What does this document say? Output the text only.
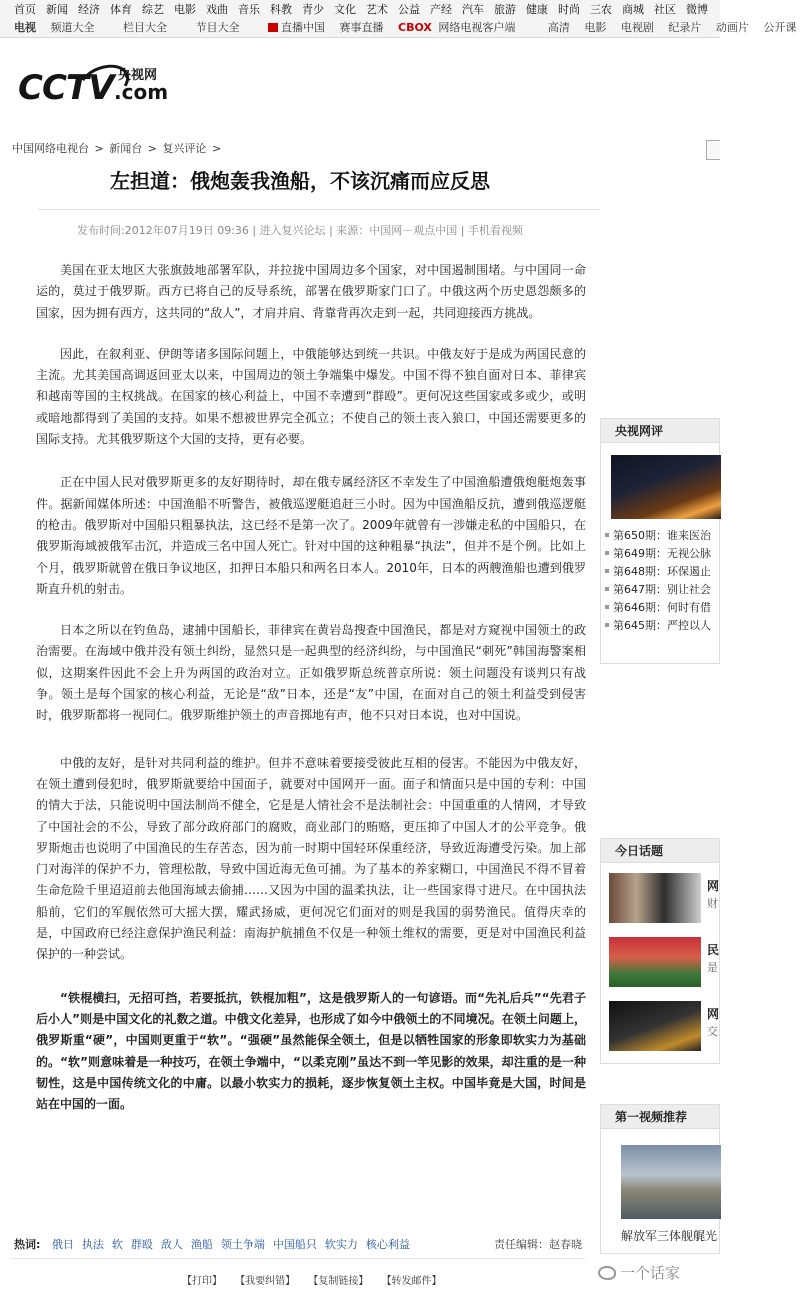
首页 新闻 经济 体育 综艺 电影 戏曲 音乐 科教 青少 文化 艺术 公益 产经 汽车 旅游 健康 时尚 三农 商城 社区 微博
电视 频道大全	栏目大全	节目大全	直播中国 赛事直播 CBOX 网络电视客户端	高清 电影 电视剧 纪录片 动画片 公开课
CCTV 央视网
.com
中国网络电视台 > 新闻台 > 复兴评论 >
左担道：俄炮轰我渔船，不该沉痛而应反思
发布时间:2012年07月19日 09:36 | 进入复兴论坛 | 来源：中国网－观点中国 | 手机看视频

美国在亚太地区大张旗鼓地部署军队，并拉拢中国周边多个国家，对中国遏制围堵。与中国同一命运的，莫过于俄罗斯。西方已将自己的反导系统，部署在俄罗斯家门口了。中俄这两个历史恩怨颇多的国家，因为拥有西方，这共同的“敌人”，才肩并肩、背靠背再次走到一起，共同迎接西方挑战。

因此，在叙利亚、伊朗等诸多国际问题上，中俄能够达到统一共识。中俄友好于是成为两国民意的主流。尤其美国高调返回亚太以来，中国周边的领土争端集中爆发。中国不得不独自面对日本、菲律宾和越南等国的主权挑战。在国家的核心利益上，中国不幸遭到“群殴”。更何况这些国家或多或少，或明或暗地都得到了美国的支持。如果不想被世界完全孤立；不使自己的领土丧入狼口，中国还需要更多的国际支持。尤其俄罗斯这个大国的支持，更有必要。

正在中国人民对俄罗斯更多的友好期待时，却在俄专属经济区不幸发生了中国渔船遭俄炮艇炮轰事件。据新闻媒体所述：中国渔船不听警告，被俄巡逻艇追赶三小时。因为中国渔船反抗，遭到俄巡逻艇的枪击。俄罗斯对中国船只粗暴执法，这已经不是第一次了。2009年就曾有一涉嫌走私的中国船只，在俄罗斯海域被俄军击沉，并造成三名中国人死亡。针对中国的这种粗暴“执法”，但并不是个例。比如上个月，俄罗斯就曾在俄日争议地区，扣押日本船只和两名日本人。2010年，日本的两艘渔船也遭到俄罗斯直升机的射击。

日本之所以在钓鱼岛，逮捕中国船长，菲律宾在黄岩岛搜查中国渔民，都是对方窥视中国领土的政治需要。在海域中俄并没有领土纠纷，显然只是一起典型的经济纠纷，与中国渔民“刺死”韩国海警案相似，这期案件因此不会上升为两国的政治对立。正如俄罗斯总统普京所说：领土问题没有谈判只有战争。领土是每个国家的核心利益，无论是“敌”日本，还是“友”中国，在面对自己的领土利益受到侵害时，俄罗斯都将一视同仁。俄罗斯维护领土的声音掷地有声，他不只对日本说，也对中国说。

中俄的友好，是针对共同利益的维护。但并不意味着要接受彼此互相的侵害。不能因为中俄友好，在领土遭到侵犯时，俄罗斯就要给中国面子，就要对中国网开一面。面子和情面只是中国的专利：中国的情大于法，只能说明中国法制尚不健全，它是是人情社会不是法制社会：中国重重的人情网，才导致了中国社会的不公，导致了部分政府部门的腐败，商业部门的贿赂，更压抑了中国人才的公平竞争。俄罗斯炮击也说明了中国渔民的生存苦态，因为前一时期中国轻环保重经济，导致近海遭受污染。加上部门对海洋的保护不力，管理松散，导致中国近海无鱼可捕。为了基本的养家糊口，中国渔民不得不冒着生命危险千里迢迢前去他国海域去偷捕……又因为中国的温柔执法，让一些国家得寸进尺。在中国执法船前，它们的军舰依然可大摇大摆，耀武扬威，更何况它们面对的则是我国的弱势渔民。值得庆幸的是，中国政府已经注意保护渔民利益：南海护航捕鱼不仅是一种领土维权的需要，更是对中国渔民利益保护的一种尝试。

“铁棍横扫，无招可挡，若要抵抗，铁棍加粗”，这是俄罗斯人的一句谚语。而“先礼后兵”“先君子后小人”则是中国文化的礼数之道。中俄文化差异，也形成了如今中俄领土的不同境况。在领土问题上，俄罗斯重“硬”，中国则更重于“软”。“强硬”虽然能保全领土，但是以牺牲国家的形象即软实力为基础的。“软”则意味着是一种技巧，在领土争端中，“以柔克刚”虽达不到一竿见影的效果，却注重的是一种韧性，这是中国传统文化的中庸。以最小软实力的损耗，逐步恢复领土主权。中国毕竟是大国，时间是站在中国的一面。

央视网评
第650期：谁来医治
第649期：无视公脉
第648期：环保遏止
第647期：别让社会
第646期：何时有借
第645期：严控以人
今日话题
网
财
民
是
网
交
第一视频推荐
解放军三体舰艉光
热词: 俄日 执法 软 群殴 敌人 渔船 领土争端 中国船只 软实力 核心利益	责任编辑：赵春晓
【打印】 【我要纠错】 【复制链接】 【转发邮件】	一个话家
